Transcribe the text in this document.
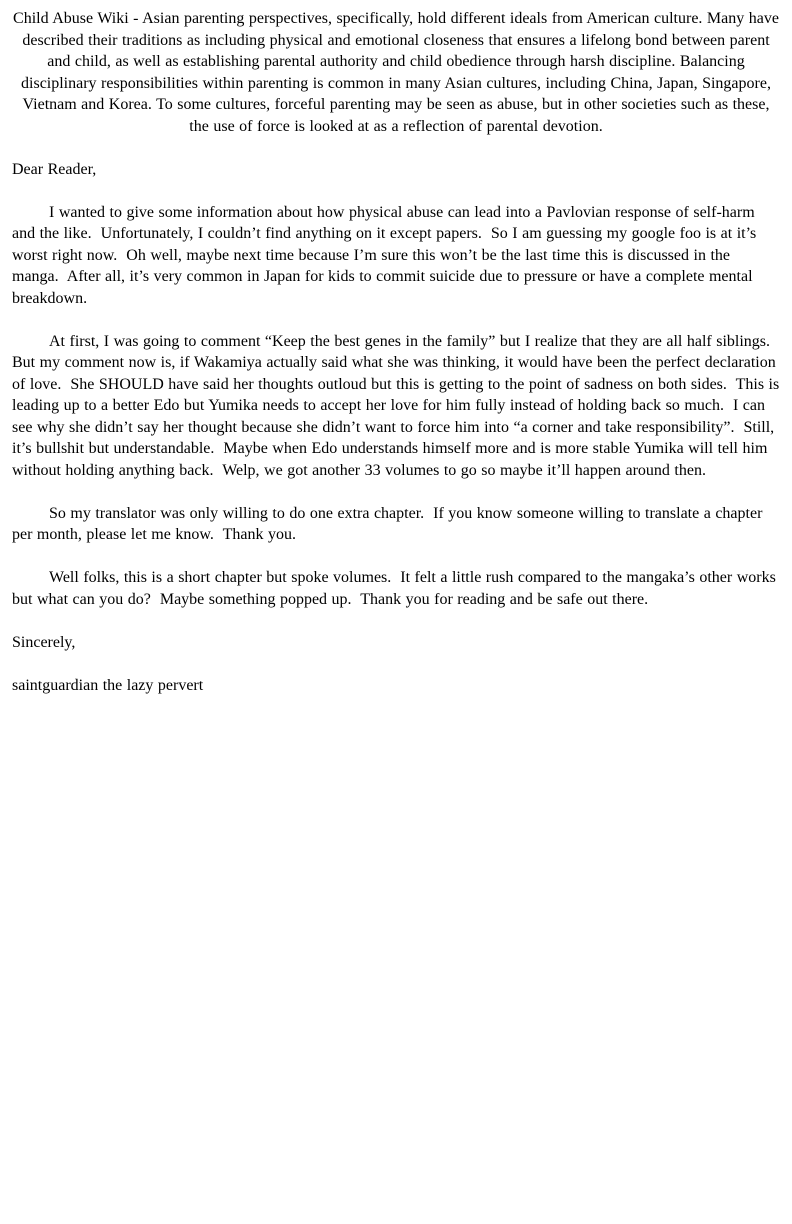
Child Abuse Wiki - Asian parenting perspectives, specifically, hold different ideals from American culture. Many have described their traditions as including physical and emotional closeness that ensures a lifelong bond between parent and child, as well as establishing parental authority and child obedience through harsh discipline. Balancing disciplinary responsibilities within parenting is common in many Asian cultures, including China, Japan, Singapore, Vietnam and Korea. To some cultures, forceful parenting may be seen as abuse, but in other societies such as these, the use of force is looked at as a reflection of parental devotion.

Dear Reader,

I wanted to give some information about how physical abuse can lead into a Pavlovian response of self-harm and the like.  Unfortunately, I couldn’t find anything on it except papers.  So I am guessing my google foo is at it’s worst right now.  Oh well, maybe next time because I’m sure this won’t be the last time this is discussed in the manga.  After all, it’s very common in Japan for kids to commit suicide due to pressure or have a complete mental breakdown.

At first, I was going to comment “Keep the best genes in the family” but I realize that they are all half siblings.  But my comment now is, if Wakamiya actually said what she was thinking, it would have been the perfect declaration of love.  She SHOULD have said her thoughts outloud but this is getting to the point of sadness on both sides.  This is leading up to a better Edo but Yumika needs to accept her love for him fully instead of holding back so much.  I can see why she didn’t say her thought because she didn’t want to force him into “a corner and take responsibility”.  Still, it’s bullshit but understandable.  Maybe when Edo understands himself more and is more stable Yumika will tell him without holding anything back.  Welp, we got another 33 volumes to go so maybe it’ll happen around then.

So my translator was only willing to do one extra chapter.  If you know someone willing to translate a chapter per month, please let me know.  Thank you.

Well folks, this is a short chapter but spoke volumes.  It felt a little rush compared to the mangaka’s other works but what can you do?  Maybe something popped up.  Thank you for reading and be safe out there.

Sincerely,

saintguardian the lazy pervert
